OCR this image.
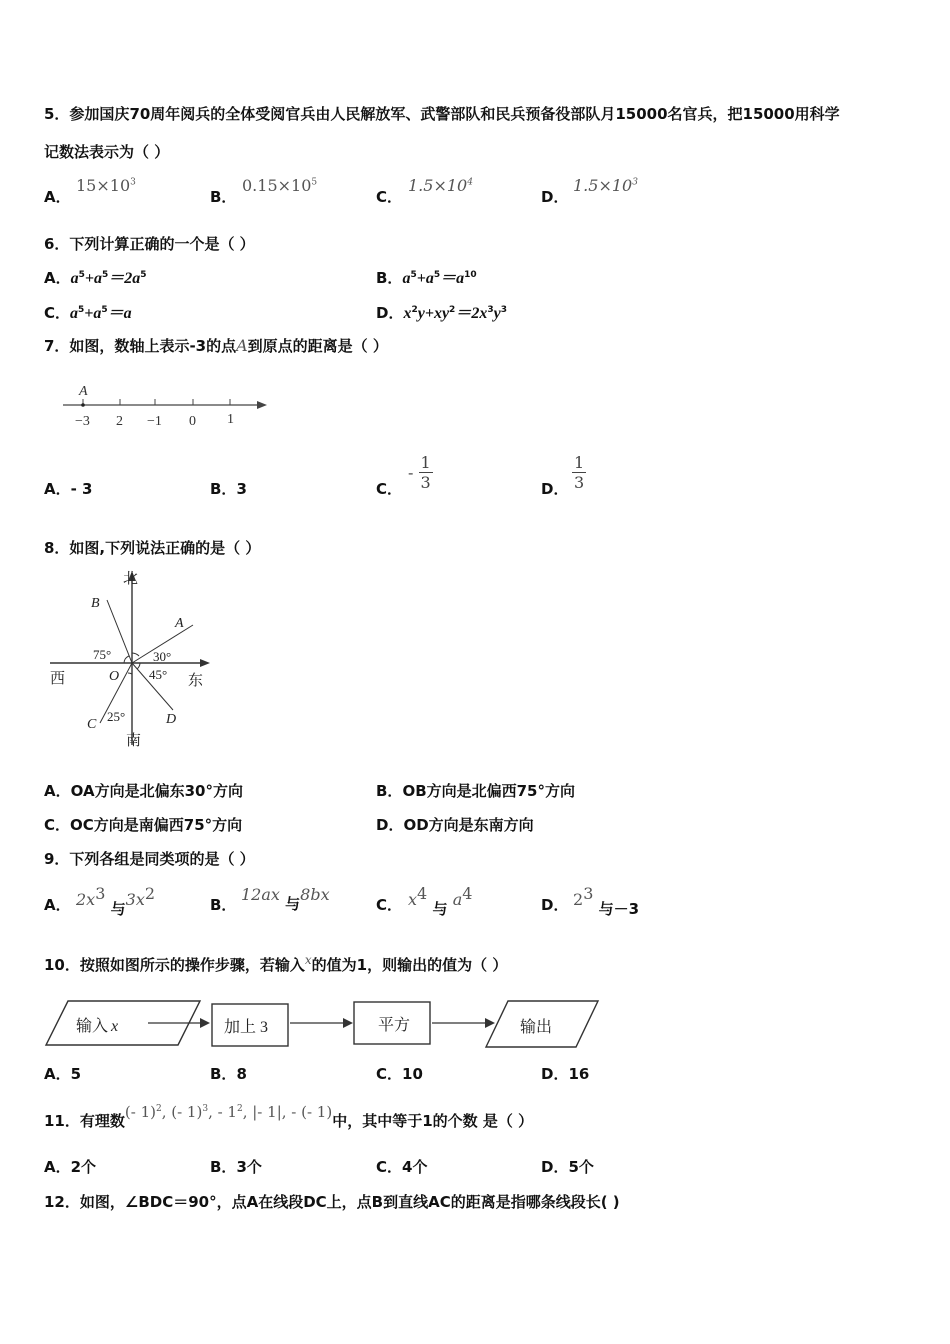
5．参加国庆70周年阅兵的全体受阅官兵由人民解放军、武警部队和民兵预备役部队月15000名官兵，把15000用科学
记数法表示为（ ）
A．
$15\times 10^3$
B．
$0.15\times 10^5$
C．
$1.5\times 10^4$
D．
$1.5\times 10^3$
6．下列计算正确的一个是（ ）
A．$a^5+a^5=2a^5$	B．$a^5+a^5=a^{10}$
C．$a^5+a^5=a$	D．$x^2y+xy^2=2x^3y^3$
7．如图，数轴上表示-3的点A到原点的距离是（ ）
A
−3 2 −1 0 1
A．- 3	B．3	C．
- $\frac{1}{3}$	D． $\frac{1}{3}$
8．如图,下列说法正确的是（ ）
北
南
西	东
B
A
O
C	D
75°	30°
45°
25°
A．OA方向是北偏东30°方向	B．OB方向是北偏西75°方向
C．OC方向是南偏西75°方向	D．OD方向是东南方向
9．下列各组是同类项的是（ ）
A． $2x^3$ 与$3x^2$
B．
12ax 与8bx
C． $x^4$ 与 $a^4$
D． $2^3$ 与－3
10．按照如图所示的操作步骤，若输入$^x$的值为1，则输出的值为（ ）
输入 x	加上 3	平方	输出
A．5	B．8	C．10	D．16
11．有理数(- 1)$^2$, (- 1)$^3$, - $1^2$, |- 1|, - (- 1)中，其中等于1的个数 是（ ）
A．2个	B．3个	C．4个	D．5个
12．如图，∠BDC＝90°，点A在线段DC上，点B到直线AC的距离是指哪条线段长( )
